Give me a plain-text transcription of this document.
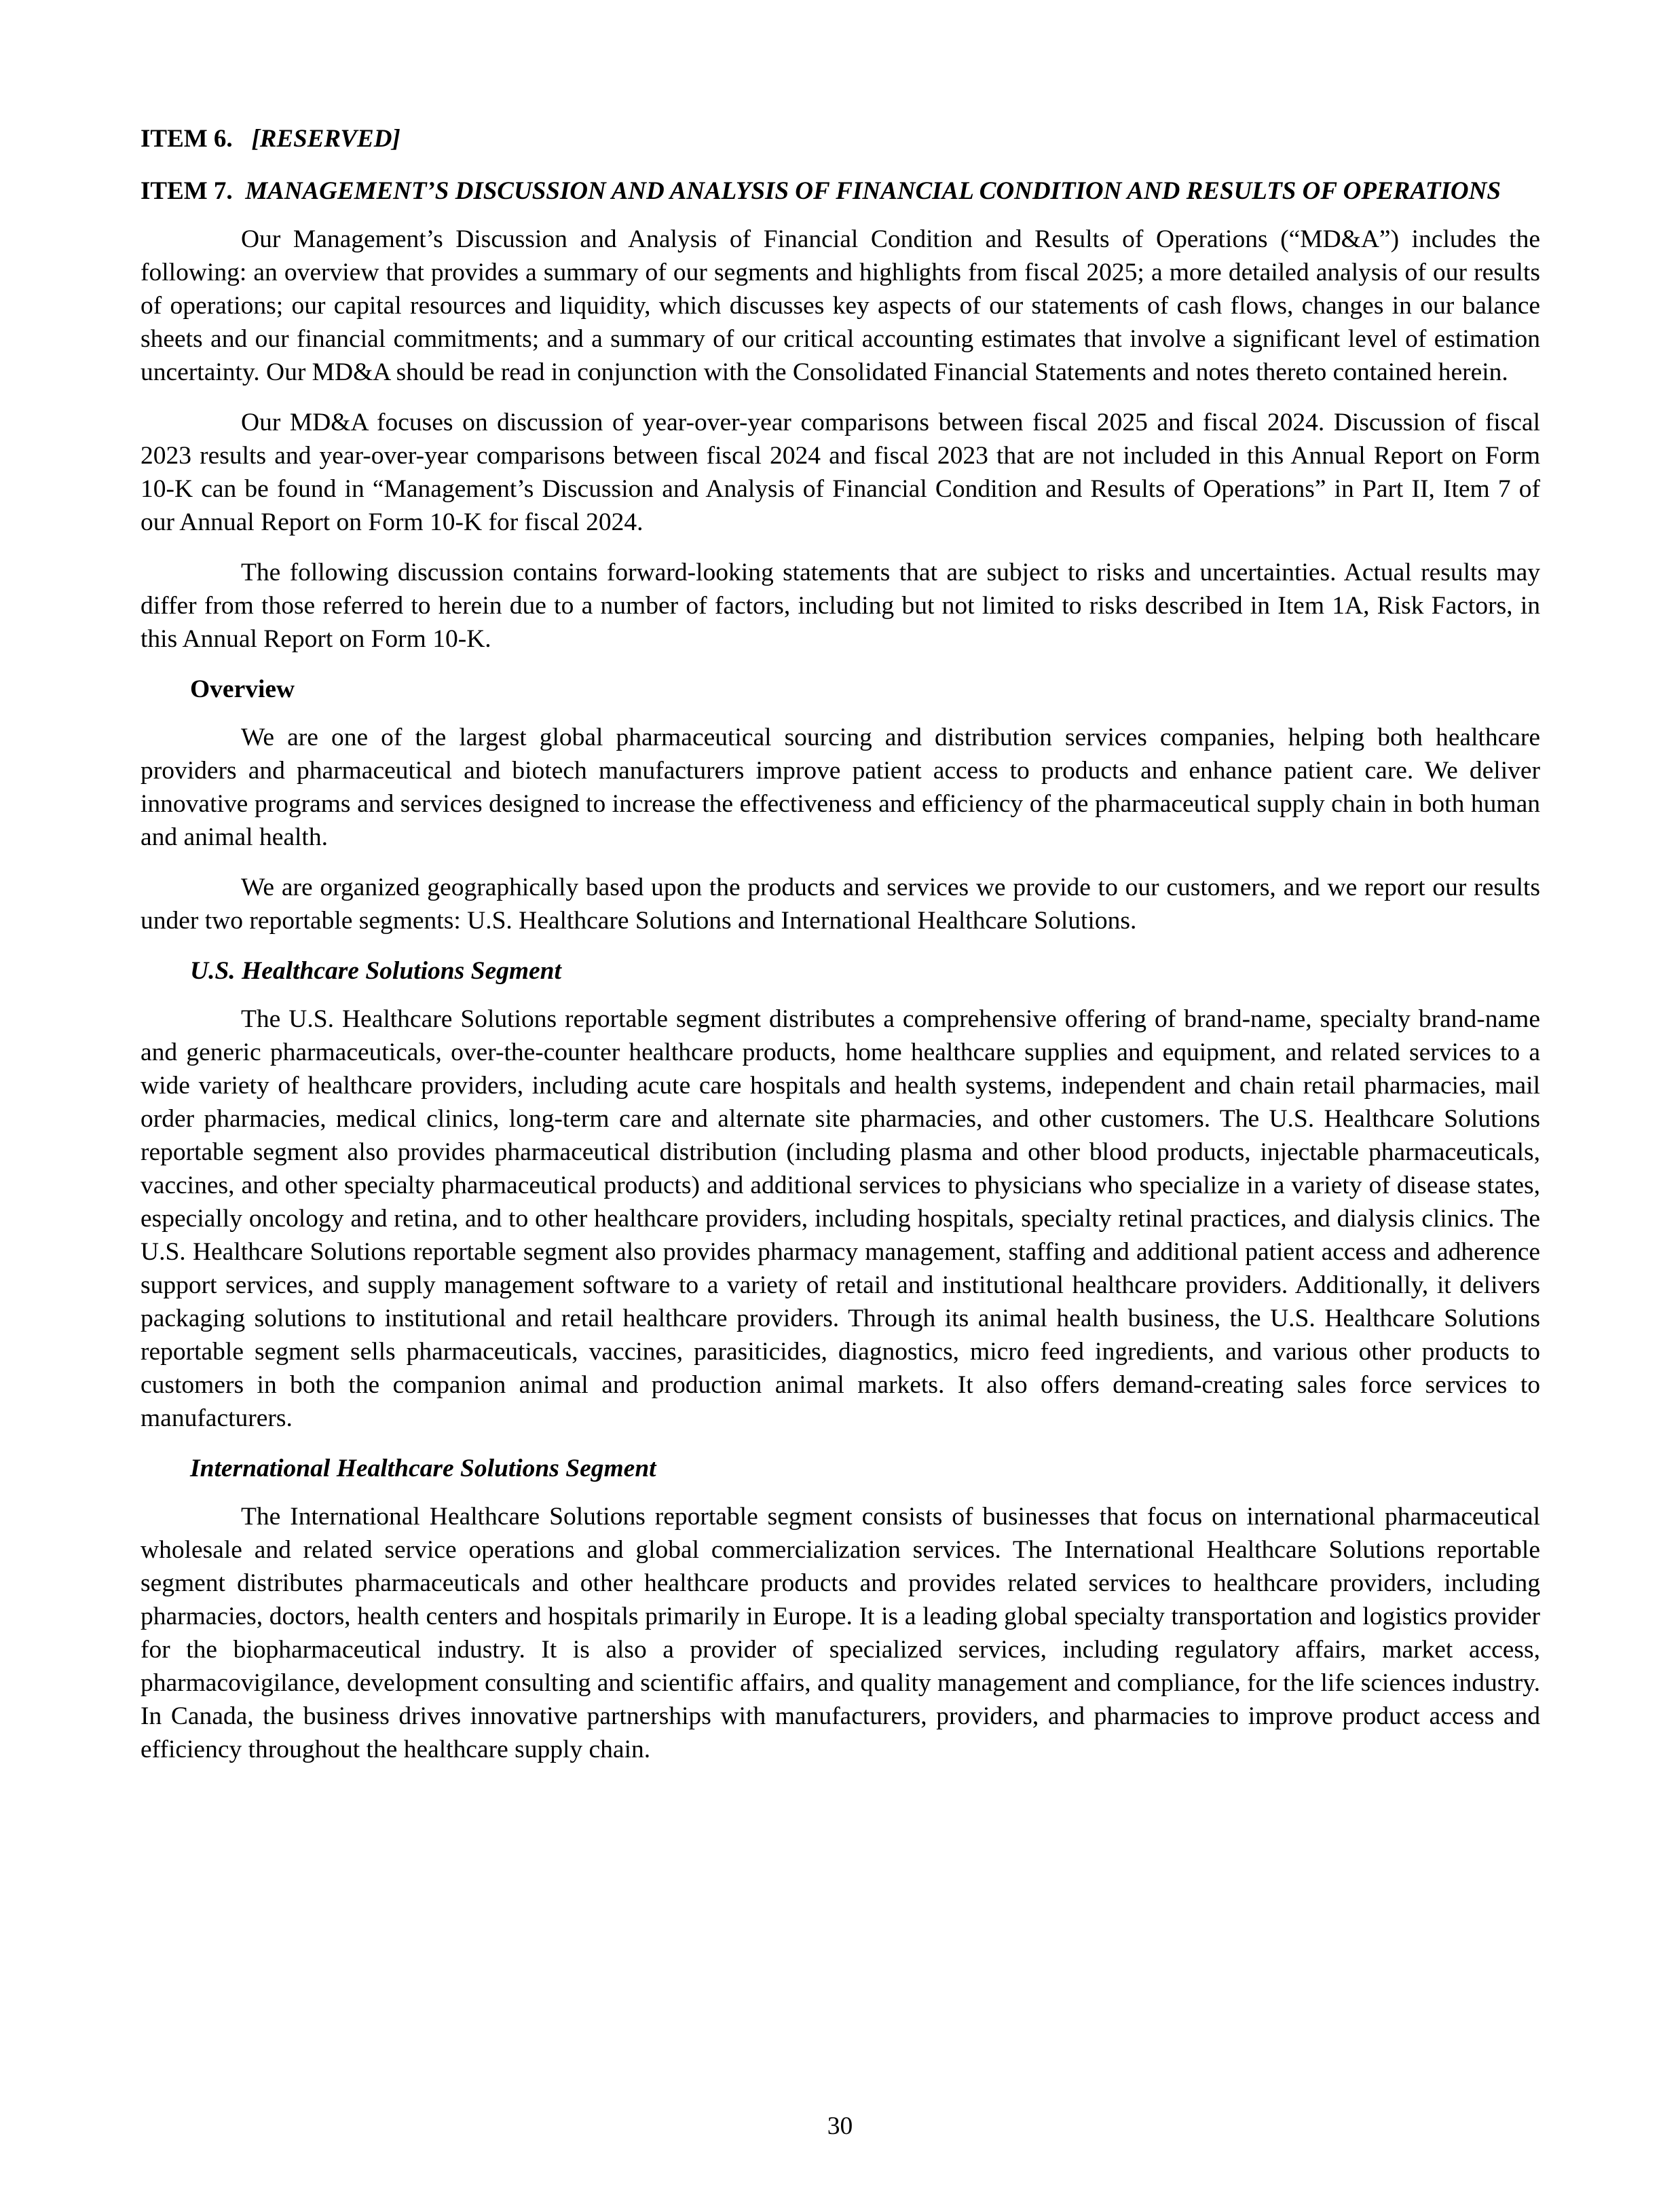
ITEM 6. [RESERVED]

ITEM 7. MANAGEMENT’S DISCUSSION AND ANALYSIS OF FINANCIAL CONDITION AND RESULTS OF OPERATIONS

Our Management’s Discussion and Analysis of Financial Condition and Results of Operations (“MD&A”) includes the following: an overview that provides a summary of our segments and highlights from fiscal 2025; a more detailed analysis of our results of operations; our capital resources and liquidity, which discusses key aspects of our statements of cash flows, changes in our balance sheets and our financial commitments; and a summary of our critical accounting estimates that involve a significant level of estimation uncertainty. Our MD&A should be read in conjunction with the Consolidated Financial Statements and notes thereto contained herein.

Our MD&A focuses on discussion of year-over-year comparisons between fiscal 2025 and fiscal 2024. Discussion of fiscal 2023 results and year-over-year comparisons between fiscal 2024 and fiscal 2023 that are not included in this Annual Report on Form 10-K can be found in “Management’s Discussion and Analysis of Financial Condition and Results of Operations” in Part II, Item 7 of our Annual Report on Form 10-K for fiscal 2024.

The following discussion contains forward-looking statements that are subject to risks and uncertainties. Actual results may differ from those referred to herein due to a number of factors, including but not limited to risks described in Item 1A, Risk Factors, in this Annual Report on Form 10-K.

Overview

We are one of the largest global pharmaceutical sourcing and distribution services companies, helping both healthcare providers and pharmaceutical and biotech manufacturers improve patient access to products and enhance patient care. We deliver innovative programs and services designed to increase the effectiveness and efficiency of the pharmaceutical supply chain in both human and animal health.

We are organized geographically based upon the products and services we provide to our customers, and we report our results under two reportable segments: U.S. Healthcare Solutions and International Healthcare Solutions.

U.S. Healthcare Solutions Segment

The U.S. Healthcare Solutions reportable segment distributes a comprehensive offering of brand-name, specialty brand-name and generic pharmaceuticals, over-the-counter healthcare products, home healthcare supplies and equipment, and related services to a wide variety of healthcare providers, including acute care hospitals and health systems, independent and chain retail pharmacies, mail order pharmacies, medical clinics, long-term care and alternate site pharmacies, and other customers. The U.S. Healthcare Solutions reportable segment also provides pharmaceutical distribution (including plasma and other blood products, injectable pharmaceuticals, vaccines, and other specialty pharmaceutical products) and additional services to physicians who specialize in a variety of disease states, especially oncology and retina, and to other healthcare providers, including hospitals, specialty retinal practices, and dialysis clinics. The U.S. Healthcare Solutions reportable segment also provides pharmacy management, staffing and additional patient access and adherence support services, and supply management software to a variety of retail and institutional healthcare providers. Additionally, it delivers packaging solutions to institutional and retail healthcare providers. Through its animal health business, the U.S. Healthcare Solutions reportable segment sells pharmaceuticals, vaccines, parasiticides, diagnostics, micro feed ingredients, and various other products to customers in both the companion animal and production animal markets. It also offers demand-creating sales force services to manufacturers.

International Healthcare Solutions Segment

The International Healthcare Solutions reportable segment consists of businesses that focus on international pharmaceutical wholesale and related service operations and global commercialization services. The International Healthcare Solutions reportable segment distributes pharmaceuticals and other healthcare products and provides related services to healthcare providers, including pharmacies, doctors, health centers and hospitals primarily in Europe. It is a leading global specialty transportation and logistics provider for the biopharmaceutical industry. It is also a provider of specialized services, including regulatory affairs, market access, pharmacovigilance, development consulting and scientific affairs, and quality management and compliance, for the life sciences industry. In Canada, the business drives innovative partnerships with manufacturers, providers, and pharmacies to improve product access and efficiency throughout the healthcare supply chain.

30
